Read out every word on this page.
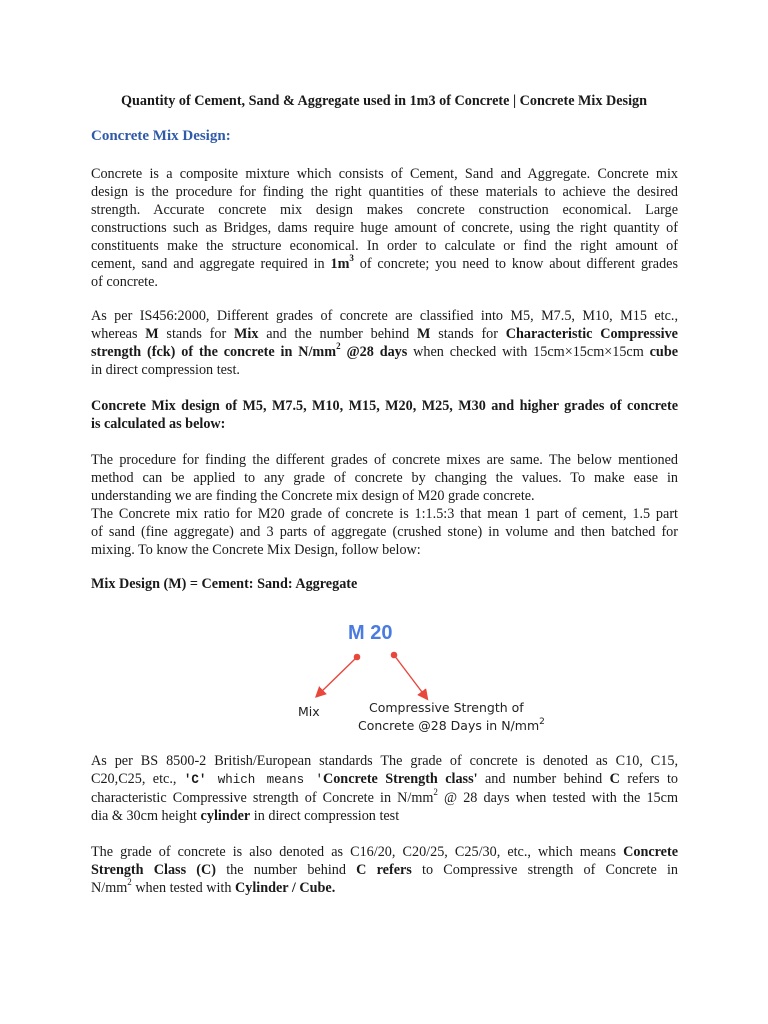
Quantity of Cement, Sand & Aggregate used in 1m3 of Concrete | Concrete Mix Design
Concrete Mix Design:
Concrete is a composite mixture which consists of Cement, Sand and Aggregate. Concrete mix
design is the procedure for finding the right quantities of these materials to achieve the desired
strength. Accurate concrete mix design makes concrete construction economical. Large
constructions such as Bridges, dams require huge amount of concrete, using the right quantity of
constituents make the structure economical. In order to calculate or find the right amount of
cement, sand and aggregate required in $1m^3$ of concrete; you need to know about different grades
of concrete.
As per IS456:2000, Different grades of concrete are classified into M5, M7.5, M10, M15 etc.,
whereas M stands for Mix and the number behind M stands for Characteristic Compressive
strength (fck) of the concrete in $N/mm^2$ @28 days when checked with 15cm×15cm×15cm cube
in direct compression test.
Concrete Mix design of M5, M7.5, M10, M15, M20, M25, M30 and higher grades of concrete
is calculated as below:
The procedure for finding the different grades of concrete mixes are same. The below mentioned
method can be applied to any grade of concrete by changing the values. To make ease in
understanding we are finding the Concrete mix design of M20 grade concrete.
The Concrete mix ratio for M20 grade of concrete is 1:1.5:3 that mean 1 part of cement, 1.5 part
of sand (fine aggregate) and 3 parts of aggregate (crushed stone) in volume and then batched for
mixing. To know the Concrete Mix Design, follow below:
Mix Design (M) = Cement: Sand: Aggregate
M 20
Mix	Compressive Strength of
Concrete @28 Days in $N/mm^2$
As per BS 8500-2 British/European standards The grade of concrete is denoted as C10, C15,
C20,C25, etc., 'C' which means 'Concrete Strength class' and number behind C refers to
characteristic Compressive strength of Concrete in $N/mm^2$ @ 28 days when tested with the 15cm
dia & 30cm height cylinder in direct compression test
The grade of concrete is also denoted as C16/20, C20/25, C25/30, etc., which means Concrete
Strength Class (C) the number behind C refers to Compressive strength of Concrete in
$N/mm^2$ when tested with Cylinder / Cube.
